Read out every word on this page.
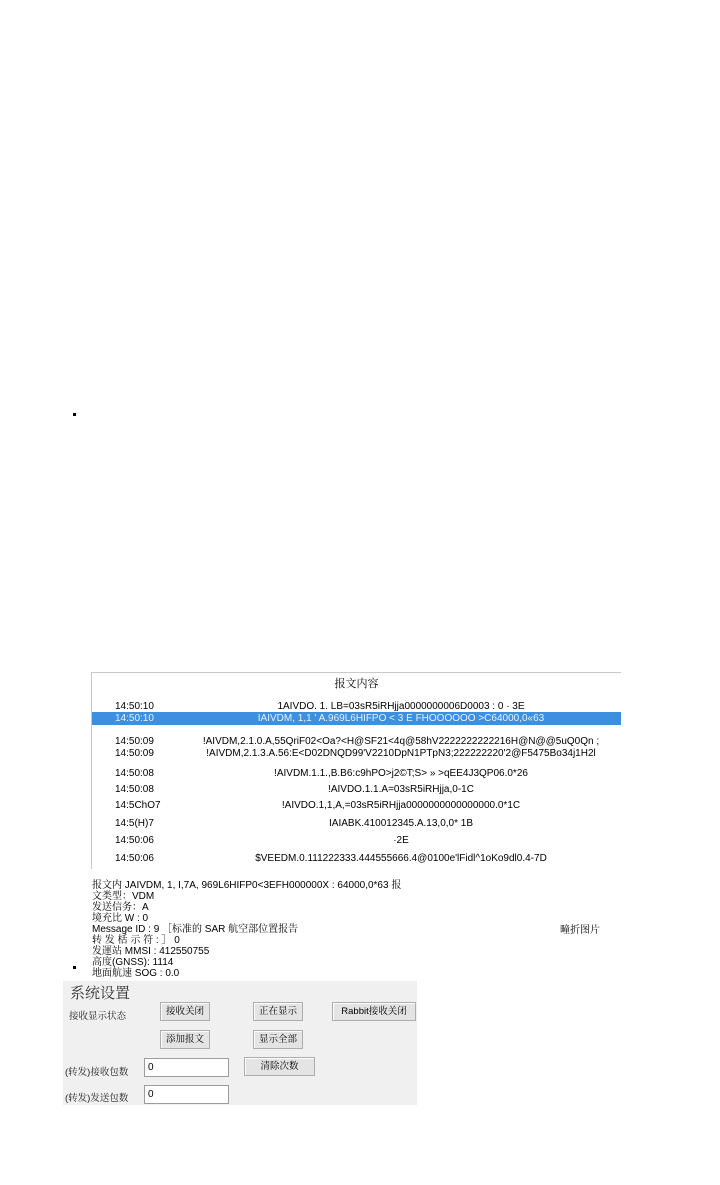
报文内容
14:50:10	1AIVDO. 1. LB=03sR5iRHjja0000000006D0003 : 0 · 3E
14:50:10	IAIVDM, 1,1 ' A.969L6HIFPO < 3 E FHOOOOOO >C64000,0«63
14:50:09	!AIVDM,2.1.0.A,55QriF02<Oa?<H@SF21<4q@58hV2222222222216H@N@@5uQ0Qn ;
14:50:09	!AIVDM,2.1.3.A.56:E<D02DNQD99'V2210DpN1PTpN3;222222220'2@F5475Bo34j1H2l
14:50:08	!AIVDM.1.1.,B.B6:c9hPO>j2©T;S> » >qEE4J3QP06.0*26
14:50:08	!AIVDO.1.1.A=03sR5iRHjja,0-1C
14:5ChO7	!AIVDO.1,1,A,=03sR5iRHjja0000000000000000.0*1C
14:5(H)7	IAIABK.410012345.A.13,0,0* 1B
14:50:06	·2E
14:50:06	$VEEDM.0.111222333.444555666.4@0100e'lFidl^1oKo9dl0.4-7D
疃折图片
系统设置
接收显示状态	接收关闭	正在显示	Rabbit接收关闭
添加报文	显示全部
(转发)接收包数
0
清除次数
(转发)发送包数
0
报文内 JAIVDM, 1, I,7A, 969L6HIFP0<3EFH000000X : 64000,0*63 报
文类型：VDM
发送信务：A
境充比 W : 0
Message ID : 9 ［标准的 SAR 航空部位置报告
转 发 栝 示 符 : ］ 0
发運站 MMSI : 412550755
高度(GNSS): 1114
地面航速 SOG : 0.0
